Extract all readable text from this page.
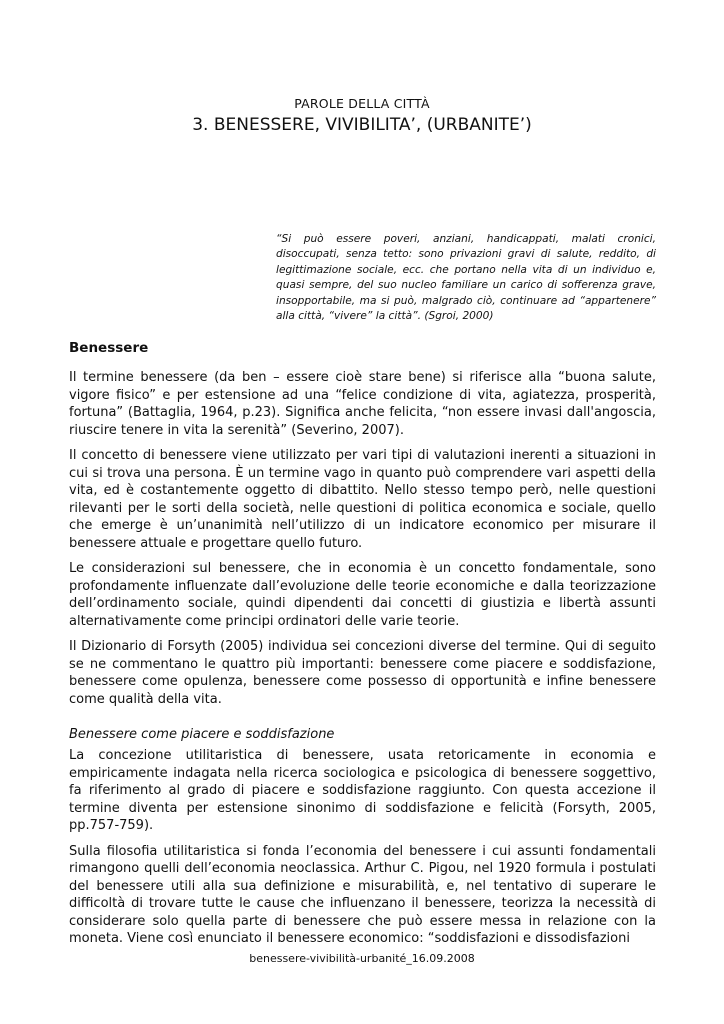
PAROLE DELLA CITTÀ
3. BENESSERE, VIVIBILITA’, (URBANITE’)

“Si può essere poveri, anziani, handicappati, malati cronici, disoccupati, senza tetto: sono privazioni gravi di salute, reddito, di legittimazione sociale, ecc. che portano nella vita di un individuo e, quasi sempre, del suo nucleo familiare un carico di sofferenza grave, insopportabile, ma si può, malgrado ciò, continuare ad “appartenere” alla città, “vivere” la città”. (Sgroi, 2000)

Benessere

Il termine benessere (da ben – essere cioè stare bene) si riferisce alla “buona salute, vigore fisico” e per estensione ad una “felice condizione di vita, agiatezza, prosperità, fortuna” (Battaglia, 1964, p.23). Significa anche felicita, “non essere invasi dall'angoscia, riuscire tenere in vita la serenità” (Severino, 2007).

Il concetto di benessere viene utilizzato per vari tipi di valutazioni inerenti a situazioni in cui si trova una persona. È un termine vago in quanto può comprendere vari aspetti della vita, ed è costantemente oggetto di dibattito. Nello stesso tempo però, nelle questioni rilevanti per le sorti della società, nelle questioni di politica economica e sociale, quello che emerge è un’unanimità nell’utilizzo di un indicatore economico per misurare il benessere attuale e progettare quello futuro.

Le considerazioni sul benessere, che in economia è un concetto fondamentale, sono profondamente influenzate dall’evoluzione delle teorie economiche e dalla teorizzazione dell’ordinamento sociale, quindi dipendenti dai concetti di giustizia e libertà assunti alternativamente come principi ordinatori delle varie teorie.

Il Dizionario di Forsyth (2005) individua sei concezioni diverse del termine. Qui di seguito se ne commentano le quattro più importanti: benessere come piacere e soddisfazione, benessere come opulenza, benessere come possesso di opportunità e infine benessere come qualità della vita.

Benessere come piacere e soddisfazione

La concezione utilitaristica di benessere, usata retoricamente in economia e empiricamente indagata nella ricerca sociologica e psicologica di benessere soggettivo, fa riferimento al grado di piacere e soddisfazione raggiunto. Con questa accezione il termine diventa per estensione sinonimo di soddisfazione e felicità (Forsyth, 2005, pp.757-759).

Sulla filosofia utilitaristica si fonda l’economia del benessere i cui assunti fondamentali rimangono quelli dell’economia neoclassica. Arthur C. Pigou, nel 1920 formula i postulati del benessere utili alla sua definizione e misurabilità, e, nel tentativo di superare le difficoltà di trovare tutte le cause che influenzano il benessere, teorizza la necessità di considerare solo quella parte di benessere che può essere messa in relazione con la moneta. Viene così enunciato il benessere economico: “soddisfazioni e dissodisfazioni

benessere-vivibilità-urbanité_16.09.2008
